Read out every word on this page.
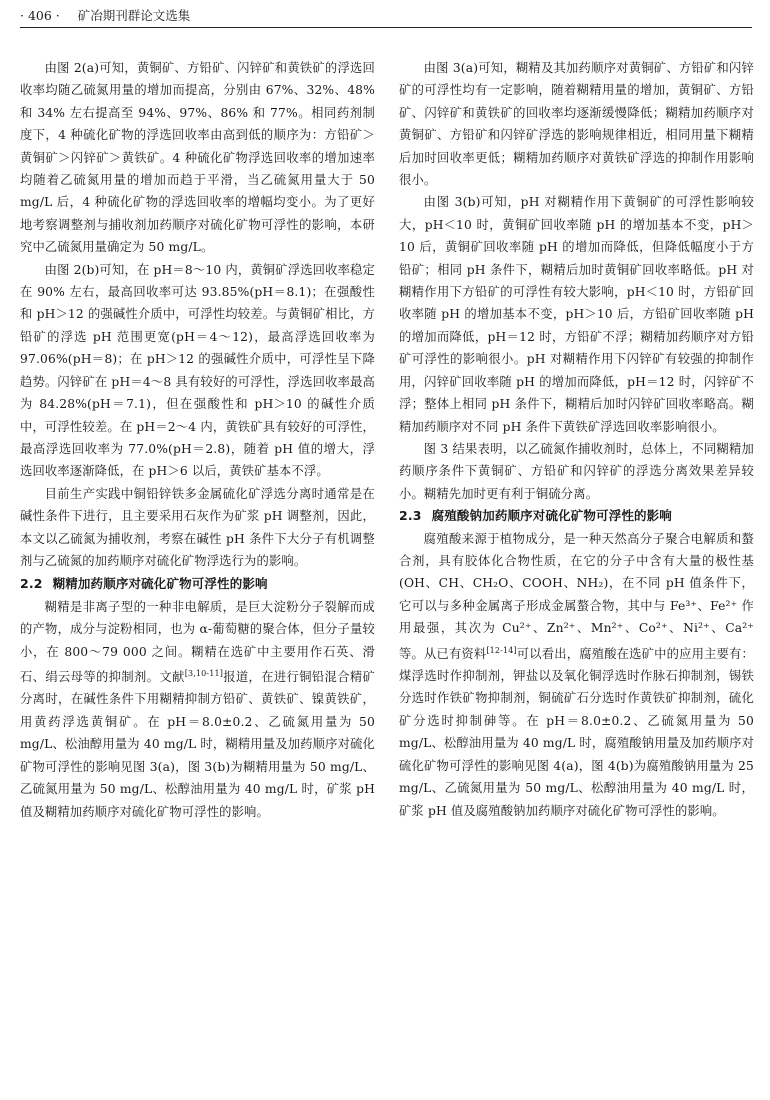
· 406 · 矿冶期刊群论文选集

由图 2(a)可知，黄铜矿、方铅矿、闪锌矿和黄铁矿的浮选回收率均随乙硫氮用量的增加而提高，分别由 67%、32%、48% 和 34% 左右提高至 94%、97%、86% 和 77%。相同药剂制度下，4 种硫化矿物的浮选回收率由高到低的顺序为：方铅矿＞黄铜矿＞闪锌矿＞黄铁矿。4 种硫化矿物浮选回收率的增加速率均随着乙硫氮用量的增加而趋于平滑，当乙硫氮用量大于 50 mg/L 后，4 种硫化矿物的浮选回收率的增幅均变小。为了更好地考察调整剂与捕收剂加药顺序对硫化矿物可浮性的影响，本研究中乙硫氮用量确定为 50 mg/L。

由图 2(b)可知，在 pH＝8～10 内，黄铜矿浮选回收率稳定在 90% 左右，最高回收率可达 93.85%(pH＝8.1)；在强酸性和 pH＞12 的强碱性介质中，可浮性均较差。与黄铜矿相比，方铅矿的浮选 pH 范围更宽(pH＝4～12)，最高浮选回收率为 97.06%(pH＝8)；在 pH＞12 的强碱性介质中，可浮性呈下降趋势。闪锌矿在 pH＝4～8 具有较好的可浮性，浮选回收率最高为 84.28%(pH＝7.1)，但在强酸性和 pH＞10 的碱性介质中，可浮性较差。在 pH＝2～4 内，黄铁矿具有较好的可浮性，最高浮选回收率为 77.0%(pH＝2.8)，随着 pH 值的增大，浮选回收率逐渐降低，在 pH＞6 以后，黄铁矿基本不浮。

目前生产实践中铜铅锌铁多金属硫化矿浮选分离时通常是在碱性条件下进行，且主要采用石灰作为矿浆 pH 调整剂，因此，本文以乙硫氮为捕收剂，考察在碱性 pH 条件下大分子有机调整剂与乙硫氮的加药顺序对硫化矿物浮选行为的影响。

2.2 糊精加药顺序对硫化矿物可浮性的影响

糊精是非离子型的一种非电解质，是巨大淀粉分子裂解而成的产物，成分与淀粉相同，也为 α-葡萄糖的聚合体，但分子量较小，在 800～79 000 之间。糊精在选矿中主要用作石英、滑石、绢云母等的抑制剂。文献[3,10-11]报道，在进行铜铅混合精矿分离时，在碱性条件下用糊精抑制方铅矿、黄铁矿、镍黄铁矿，用黄药浮选黄铜矿。在 pH＝8.0±0.2、乙硫氮用量为 50 mg/L、松油醇用量为 40 mg/L 时，糊精用量及加药顺序对硫化矿物可浮性的影响见图 3(a)，图 3(b)为糊精用量为 50 mg/L、乙硫氮用量为 50 mg/L、松醇油用量为 40 mg/L 时，矿浆 pH 值及糊精加药顺序对硫化矿物可浮性的影响。

由图 3(a)可知，糊精及其加药顺序对黄铜矿、方铅矿和闪锌矿的可浮性均有一定影响，随着糊精用量的增加，黄铜矿、方铅矿、闪锌矿和黄铁矿的回收率均逐渐缓慢降低；糊精加药顺序对黄铜矿、方铅矿和闪锌矿浮选的影响规律相近，相同用量下糊精后加时回收率更低；糊精加药顺序对黄铁矿浮选的抑制作用影响很小。

由图 3(b)可知，pH 对糊精作用下黄铜矿的可浮性影响较大，pH＜10 时，黄铜矿回收率随 pH 的增加基本不变，pH＞10 后，黄铜矿回收率随 pH 的增加而降低，但降低幅度小于方铅矿；相同 pH 条件下，糊精后加时黄铜矿回收率略低。pH 对糊精作用下方铅矿的可浮性有较大影响，pH＜10 时，方铅矿回收率随 pH 的增加基本不变，pH＞10 后，方铅矿回收率随 pH 的增加而降低，pH＝12 时，方铅矿不浮；糊精加药顺序对方铅矿可浮性的影响很小。pH 对糊精作用下闪锌矿有较强的抑制作用，闪锌矿回收率随 pH 的增加而降低，pH＝12 时，闪锌矿不浮；整体上相同 pH 条件下，糊精后加时闪锌矿回收率略高。糊精加药顺序对不同 pH 条件下黄铁矿浮选回收率影响很小。

图 3 结果表明，以乙硫氮作捕收剂时，总体上，不同糊精加药顺序条件下黄铜矿、方铅矿和闪锌矿的浮选分离效果差异较小。糊精先加时更有利于铜硫分离。

2.3 腐殖酸钠加药顺序对硫化矿物可浮性的影响

腐殖酸来源于植物成分，是一种天然高分子聚合电解质和螯合剂，具有胶体化合物性质，在它的分子中含有大量的极性基(OH、CH、CH₂O、COOH、NH₂)，在不同 pH 值条件下，它可以与多种金属离子形成金属螯合物，其中与 Fe³⁺、Fe²⁺ 作用最强，其次为 Cu²⁺、Zn²⁺、Mn²⁺、Co²⁺、Ni²⁺、Ca²⁺ 等。从已有资料[12-14]可以看出，腐殖酸在选矿中的应用主要有：煤浮选时作抑制剂，钾盐以及氧化铜浮选时作脉石抑制剂，锡铁分选时作铁矿物抑制剂，铜硫矿石分选时作黄铁矿抑制剂，硫化矿分选时抑制砷等。在 pH＝8.0±0.2、乙硫氮用量为 50 mg/L、松醇油用量为 40 mg/L 时，腐殖酸钠用量及加药顺序对硫化矿物可浮性的影响见图 4(a)，图 4(b)为腐殖酸钠用量为 25 mg/L、乙硫氮用量为 50 mg/L、松醇油用量为 40 mg/L 时，矿浆 pH 值及腐殖酸钠加药顺序对硫化矿物可浮性的影响。
